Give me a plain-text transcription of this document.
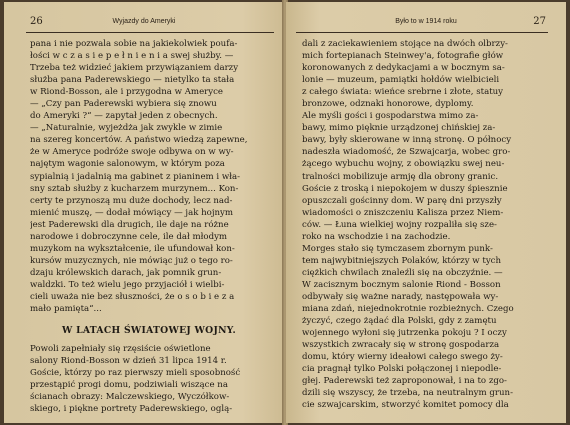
26	Wyjazdy do Ameryki
pana i nie pozwala sobie na jakiekolwiek poufa-
łości w c z a s i e p e ł n i e n i a swej służby. —
Trzeba też widzieć jakiem przywiązaniem darzy
służba pana Paderewskiego — nietylko ta stała
w Riond-Bosson, ale i przygodna w Ameryce
— „Czy pan Paderewski wybiera się znowu
do Ameryki ?“ — zapytał jeden z obecnych.
— „Naturalnie, wyjeżdża jak zwykle w zimie
na szereg koncertów. A państwo wiedzą zapewne,
że w Ameryce podróże swoje odbywa on w wy-
najętym wagonie salonowym, w którym poza
sypialnią i jadalnią ma gabinet z pianinem i wła-
sny sztab służby z kucharzem murzynem... Kon-
certy te przynoszą mu duże dochody, lecz nad-
mienić muszę, — dodał mówiący — jak hojnym
jest Paderewski dla drugich, ile daje na różne
narodowe i dobroczynne cele, ile dał młodym
muzykom na wykształcenie, ile ufundował kon-
kursów muzycznych, nie mówiąc już o tego ro-
dzaju królewskich darach, jak pomnik grun-
waldzki. To też wielu jego przyjaciół i wielbi-
cieli uważa nie bez słuszności, że o s o b i e z a
mało pamięta“...
W LATACH ŚWIATOWEJ WOJNY.
Powoli zapełniały się rzęsiście oświetlone
salony Riond-Bosson w dzień 31 lipca 1914 r.
Goście, którzy po raz pierwszy mieli sposobność
przestąpić progi domu, podziwiali wiszące na
ścianach obrazy: Malczewskiego, Wyczółkow-
skiego, i piękne portrety Paderewskiego, oglą-
Było to w 1914 roku	27
dali z zaciekawieniem stojące na dwóch olbrzy-
mich fortepianach Steinwey'a, fotografie głów
koronowanych z dedykacjami a w bocznym sa-
lonie — muzeum, pamiątki hołdów wielbicieli
z całego świata: wieńce srebrne i złote, statuy
bronzowe, odznaki honorowe, dyplomy.
Ale myśli gości i gospodarstwa mimo za-
bawy, mimo pięknie urządzonej chińskiej za-
bawy, były skierowane w inną stronę. O północy
nadeszła wiadomość, że Szwajcarja, wobec gro-
żącego wybuchu wojny, z obowiązku swej neu-
tralności mobilizuje armję dla obrony granic.
Goście z troską i niepokojem w duszy śpiesznie
opuszczali gościnny dom. W parę dni przyszły
wiadomości o zniszczeniu Kalisza przez Niem-
ców. — Łuna wielkiej wojny rozpaliła się sze-
roko na wschodzie i na zachodzie.
Morges stało się tymczasem zbornym punk-
tem najwybitniejszych Polaków, którzy w tych
ciężkich chwilach znaleźli się na obczyźnie. —
W zacisznym bocznym salonie Riond - Bosson
odbywały się ważne narady, następowała wy-
miana zdań, niejednokrotnie rozbieżnych. Czego
życzyć, czego żądać dla Polski, gdy z zamętu
wojennego wyłoni się jutrzenka pokoju ? I oczy
wszystkich zwracały się w stronę gospodarza
domu, który wierny ideałowi całego swego ży-
cia pragnął tylko Polski połączonej i niepodle-
głej. Paderewski też zaproponował, i na to zgo-
dzili się wszyscy, że trzeba, na neutralnym grun-
cie szwajcarskim, stworzyć komitet pomocy dla
